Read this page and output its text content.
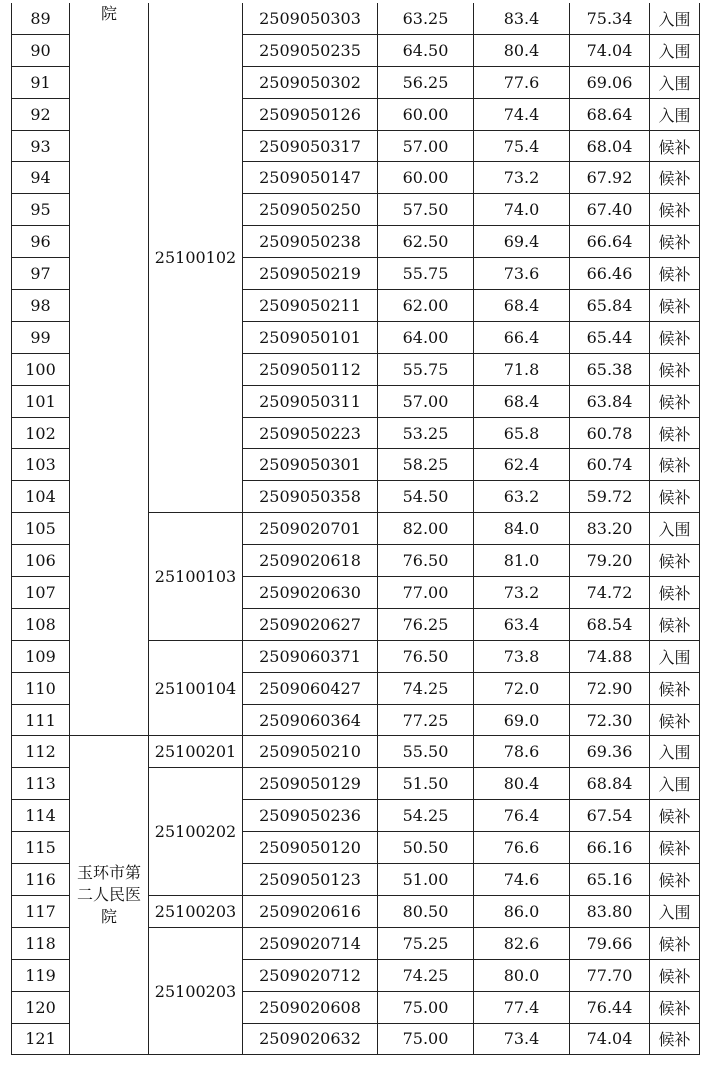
89	院	25100102	2509050303	63.25	83.4	75.34	入围
90			2509050235	64.50	80.4	74.04	入围
91			2509050302	56.25	77.6	69.06	入围
92			2509050126	60.00	74.4	68.64	入围
93			2509050317	57.00	75.4	68.04	候补
94			2509050147	60.00	73.2	67.92	候补
95			2509050250	57.50	74.0	67.40	候补
96			2509050238	62.50	69.4	66.64	候补
97			2509050219	55.75	73.6	66.46	候补
98			2509050211	62.00	68.4	65.84	候补
99			2509050101	64.00	66.4	65.44	候补
100			2509050112	55.75	71.8	65.38	候补
101			2509050311	57.00	68.4	63.84	候补
102			2509050223	53.25	65.8	60.78	候补
103			2509050301	58.25	62.4	60.74	候补
104			2509050358	54.50	63.2	59.72	候补
105		25100103	2509020701	82.00	84.0	83.20	入围
106			2509020618	76.50	81.0	79.20	候补
107			2509020630	77.00	73.2	74.72	候补
108			2509020627	76.25	63.4	68.54	候补
109		25100104	2509060371	76.50	73.8	74.88	入围
110			2509060427	74.25	72.0	72.90	候补
111			2509060364	77.25	69.0	72.30	候补
112	玉环市第二人民医院	25100201	2509050210	55.50	78.6	69.36	入围
113		25100202	2509050129	51.50	80.4	68.84	入围
114			2509050236	54.25	76.4	67.54	候补
115			2509050120	50.50	76.6	66.16	候补
116			2509050123	51.00	74.6	65.16	候补
117		25100203	2509020616	80.50	86.0	83.80	入围
118		25100203	2509020714	75.25	82.6	79.66	候补
119			2509020712	74.25	80.0	77.70	候补
120			2509020608	75.00	77.4	76.44	候补
121			2509020632	75.00	73.4	74.04	候补
